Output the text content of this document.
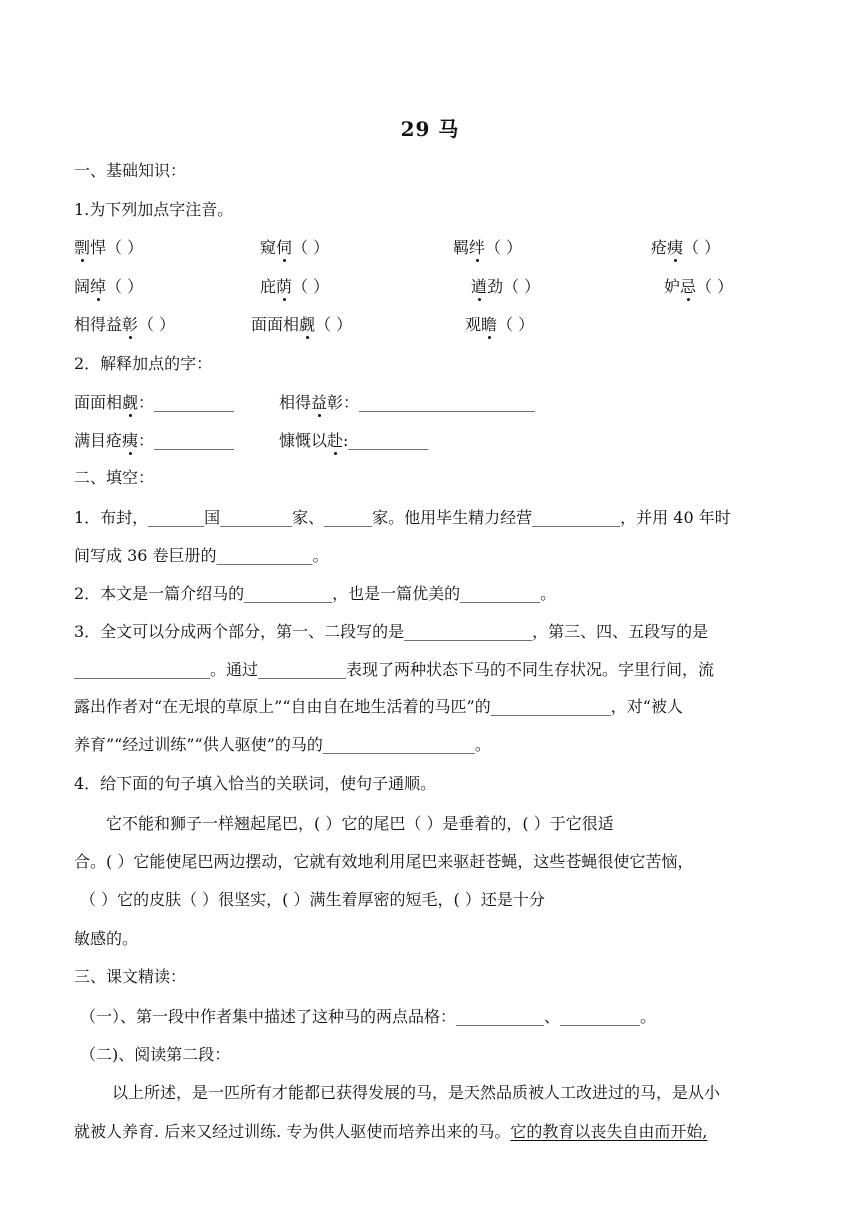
29 马
一、基础知识：
1.为下列加点字注音。
剽悍（ ）	窥伺（ ）	羁绊（ ）	疮痍（ ）
阔绰（ ）	庇荫（ ）	遒劲（ ）	妒忌（ ）
相得益彰（ ）	面面相觑（ ）	观瞻（ ）
2．解释加点的字：
面面相觑：__________	相得益彰：______________________
满目疮痍：__________	慷慨以赴:__________
二、填空：
1．布封，_______国_________家、______家。他用毕生精力经营___________，并用 40 年时
间写成 36 卷巨册的____________。
2．本文是一篇介绍马的___________，也是一篇优美的__________。
3．全文可以分成两个部分，第一、二段写的是________________，第三、四、五段写的是
_________________。通过___________表现了两种状态下马的不同生存状况。字里行间，流
露出作者对“在无垠的草原上”“自由自在地生活着的马匹”的_______________，对“被人
养育”“经过训练”“供人驱使”的马的___________________。
4．给下面的句子填入恰当的关联词，使句子通顺。
它不能和狮子一样翘起尾巴，( ）它的尾巴（ ）是垂着的，( ）于它很适
合。( ）它能使尾巴两边摆动，它就有效地利用尾巴来驱赶苍蝇，这些苍蝇很使它苦恼，
（ ）它的皮肤（ ）很坚实，( ）满生着厚密的短毛，( ）还是十分
敏感的。
三、课文精读：
（一）、第一段中作者集中描述了这种马的两点品格：___________、__________。
（二)、阅读第二段：
以上所述，是一匹所有才能都已获得发展的马，是天然品质被人工改进过的马，是从小
就被人养育. 后来又经过训练. 专为供人驱使而培养出来的马。它的教育以丧失自由而开始,
